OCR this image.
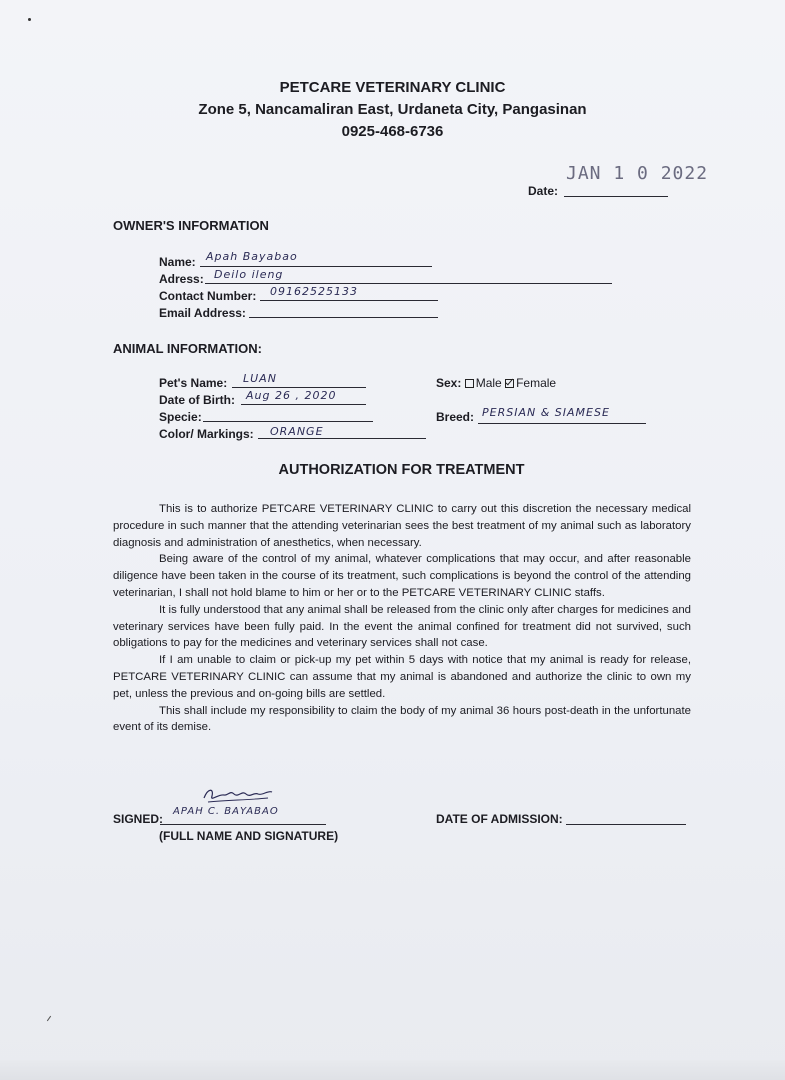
PETCARE VETERINARY CLINIC
Zone 5, Nancamaliran East, Urdaneta City, Pangasinan
0925-468-6736
JAN 1 0 2022
Date:
OWNER'S INFORMATION
Name: Apah Bayabao
Adress: Deilo ileng
Contact Number: 09162525133
Email Address:
ANIMAL INFORMATION:
Pet's Name: LUAN
Date of Birth: Aug 26 , 2020
Specie:
Color/ Markings: ORANGE
Sex: Male Female
Breed: PERSIAN & SIAMESE
AUTHORIZATION FOR TREATMENT

This is to authorize PETCARE VETERINARY CLINIC to carry out this discretion the necessary medical procedure in such manner that the attending veterinarian sees the best treatment of my animal such as laboratory diagnosis and administration of anesthetics, when necessary.

Being aware of the control of my animal, whatever complications that may occur, and after reasonable diligence have been taken in the course of its treatment, such complications is beyond the control of the attending veterinarian, I shall not hold blame to him or her or to the PETCARE VETERINARY CLINIC staffs.

It is fully understood that any animal shall be released from the clinic only after charges for medicines and veterinary services have been fully paid. In the event the animal confined for treatment did not survived, such obligations to pay for the medicines and veterinary services shall not case.

If I am unable to claim or pick-up my pet within 5 days with notice that my animal is ready for release, PETCARE VETERINARY CLINIC can assume that my animal is abandoned and authorize the clinic to own my pet, unless the previous and on-going bills are settled.

This shall include my responsibility to claim the body of my animal 36 hours post-death in the unfortunate event of its demise.

SIGNED:
APAH C. BAYABAO
(FULL NAME AND SIGNATURE)
DATE OF ADMISSION:
